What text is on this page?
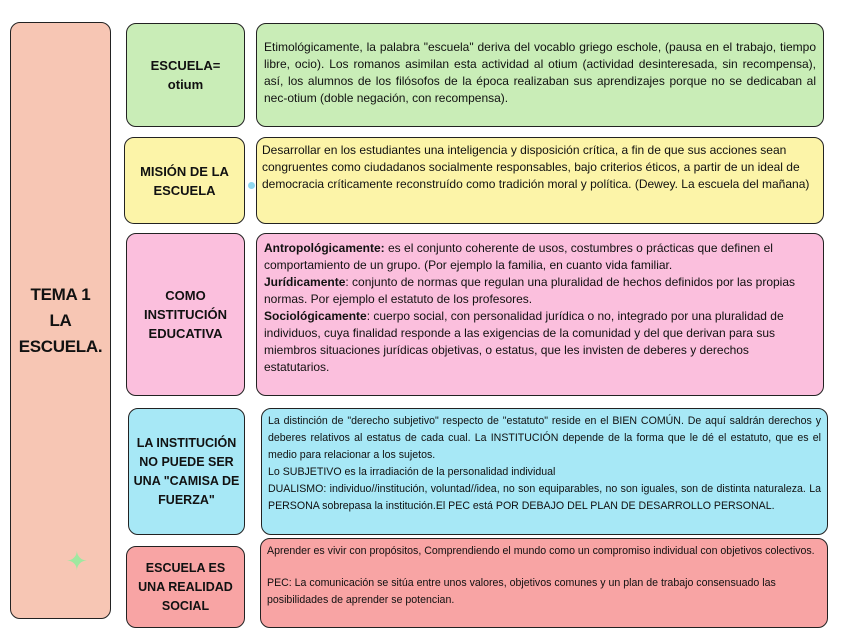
TEMA 1
LA
ESCUELA.
ESCUELA=
otium
Etimológicamente, la palabra "escuela" deriva del vocablo griego eschole, (pausa en el trabajo, tiempo libre, ocio). Los romanos asimilan esta actividad al otium (actividad desinteresada, sin recompensa), así, los alumnos de los filósofos de la época realizaban sus aprendizajes porque no se dedicaban al nec-otium (doble negación, con recompensa).
MISIÓN DE LA
ESCUELA
Desarrollar en los estudiantes una inteligencia y disposición crítica, a fin de que sus acciones sean congruentes como ciudadanos socialmente responsables, bajo criterios éticos, a partir de un ideal de democracia críticamente reconstruído como tradición moral y política. (Dewey. La escuela del mañana)
COMO
INSTITUCIÓN
EDUCATIVA
Antropológicamente: es el conjunto coherente de usos, costumbres o prácticas que definen el comportamiento de un grupo. (Por ejemplo la familia, en cuanto vida familiar.
Jurídicamente: conjunto de normas que regulan una pluralidad de hechos definidos por las propias normas. Por ejemplo el estatuto de los profesores.
Sociológicamente: cuerpo social, con personalidad jurídica o no, integrado por una pluralidad de individuos, cuya finalidad responde a las exigencias de la comunidad y del que derivan para sus miembros situaciones jurídicas objetivas, o estatus, que les invisten de deberes y derechos estatutarios.
LA INSTITUCIÓN
NO PUEDE SER
UNA "CAMISA DE
FUERZA"
La distinción de "derecho subjetivo" respecto de "estatuto" reside en el BIEN COMÚN. De aquí saldrán derechos y deberes relativos al estatus de cada cual. La INSTITUCIÓN depende de la forma que le dé el estatuto, que es el medio para relacionar a los sujetos.
Lo SUBJETIVO es la irradiación de la personalidad individual
DUALISMO: individuo//institución, voluntad//idea, no son equiparables, no son iguales, son de distinta naturaleza. La PERSONA sobrepasa la institución.El PEC está POR DEBAJO DEL PLAN DE DESARROLLO PERSONAL.
ESCUELA ES
UNA REALIDAD
SOCIAL
Aprender es vivir con propósitos, Comprendiendo el mundo como un compromiso individual con objetivos colectivos.
PEC: La comunicación se sitúa entre unos valores, objetivos comunes y un plan de trabajo consensuado las posibilidades de aprender se potencian.
✦
